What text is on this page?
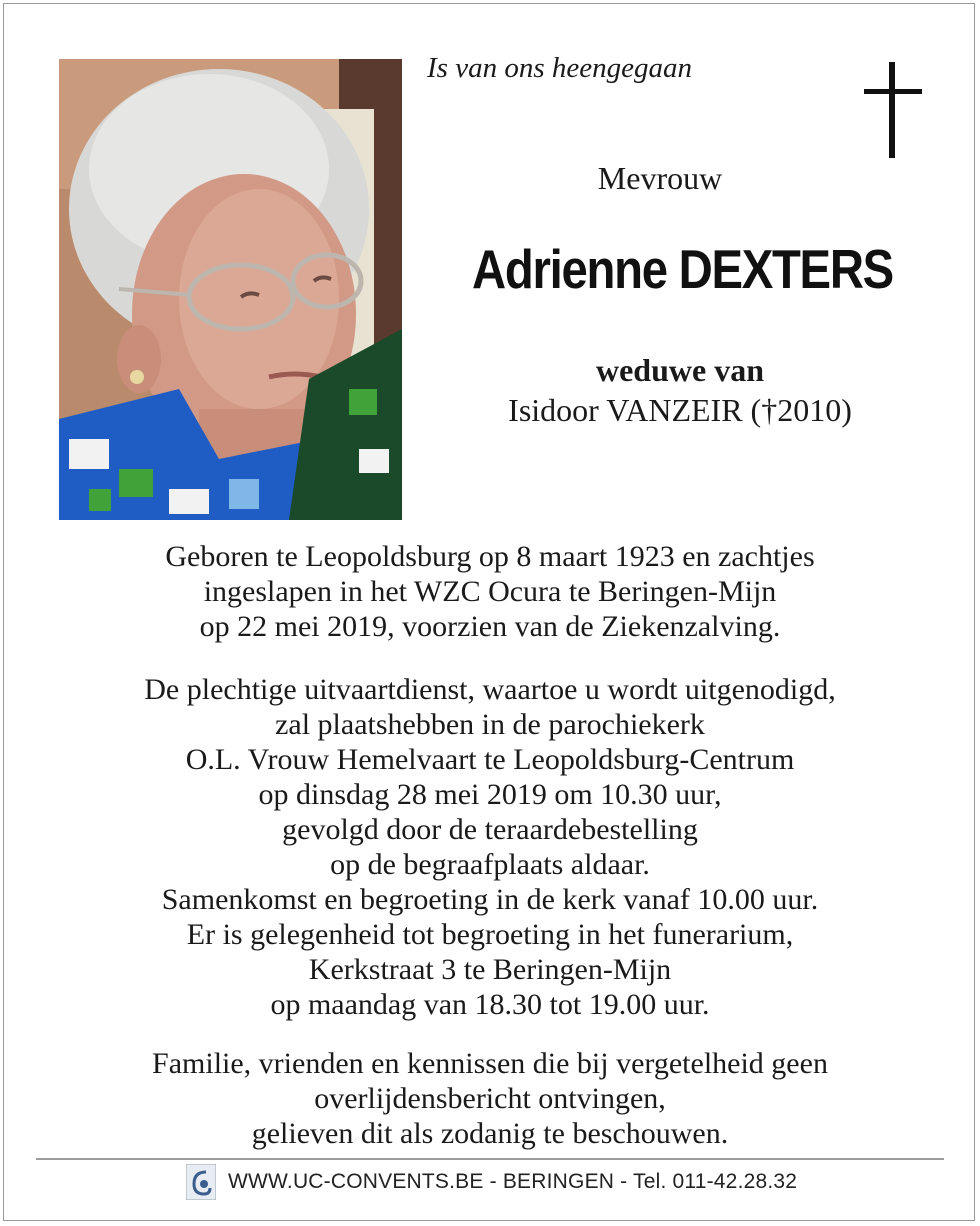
Is van ons heengegaan
Mevrouw
Adrienne DEXTERS
weduwe van
Isidoor VANZEIR (†2010)
Geboren te Leopoldsburg op 8 maart 1923 en zachtjes
ingeslapen in het WZC Ocura te Beringen-Mijn
op 22 mei 2019, voorzien van de Ziekenzalving.
De plechtige uitvaartdienst, waartoe u wordt uitgenodigd,
zal plaatshebben in de parochiekerk
O.L. Vrouw Hemelvaart te Leopoldsburg-Centrum
op dinsdag 28 mei 2019 om 10.30 uur,
gevolgd door de teraardebestelling
op de begraafplaats aldaar.
Samenkomst en begroeting in de kerk vanaf 10.00 uur.
Er is gelegenheid tot begroeting in het funerarium,
Kerkstraat 3 te Beringen-Mijn
op maandag van 18.30 tot 19.00 uur.
Familie, vrienden en kennissen die bij vergetelheid geen
overlijdensbericht ontvingen,
gelieven dit als zodanig te beschouwen.
WWW.UC-CONVENTS.BE - BERINGEN - Tel. 011-42.28.32
